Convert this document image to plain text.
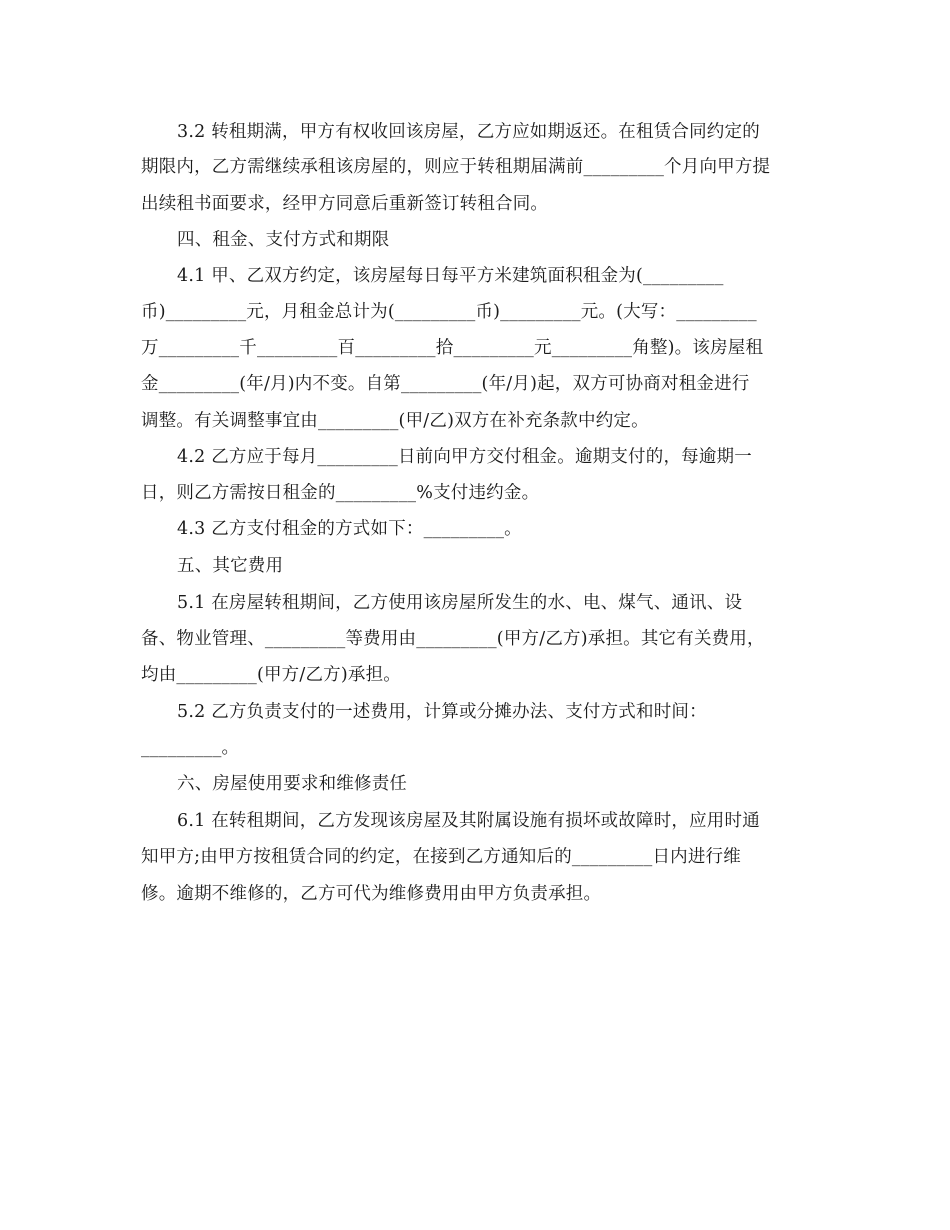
3.2 转租期满，甲方有权收回该房屋，乙方应如期返还。在租赁合同约定的
期限内，乙方需继续承租该房屋的，则应于转租期届满前_________个月向甲方提
出续租书面要求，经甲方同意后重新签订转租合同。
四、租金、支付方式和期限
4.1 甲、乙双方约定，该房屋每日每平方米建筑面积租金为(_________
币)_________元，月租金总计为(_________币)_________元。(大写：_________
万_________千_________百_________拾_________元_________角整)。该房屋租
金_________(年/月)内不变。自第_________(年/月)起，双方可协商对租金进行
调整。有关调整事宜由_________(甲/乙)双方在补充条款中约定。
4.2 乙方应于每月_________日前向甲方交付租金。逾期支付的，每逾期一
日，则乙方需按日租金的_________%支付违约金。
4.3 乙方支付租金的方式如下：_________。
五、其它费用
5.1 在房屋转租期间，乙方使用该房屋所发生的水、电、煤气、通讯、设
备、物业管理、_________等费用由_________(甲方/乙方)承担。其它有关费用，
均由_________(甲方/乙方)承担。
5.2 乙方负责支付的一述费用，计算或分摊办法、支付方式和时间：
_________。
六、房屋使用要求和维修责任
6.1 在转租期间，乙方发现该房屋及其附属设施有损坏或故障时，应用时通
知甲方;由甲方按租赁合同的约定，在接到乙方通知后的_________日内进行维
修。逾期不维修的，乙方可代为维修费用由甲方负责承担。
